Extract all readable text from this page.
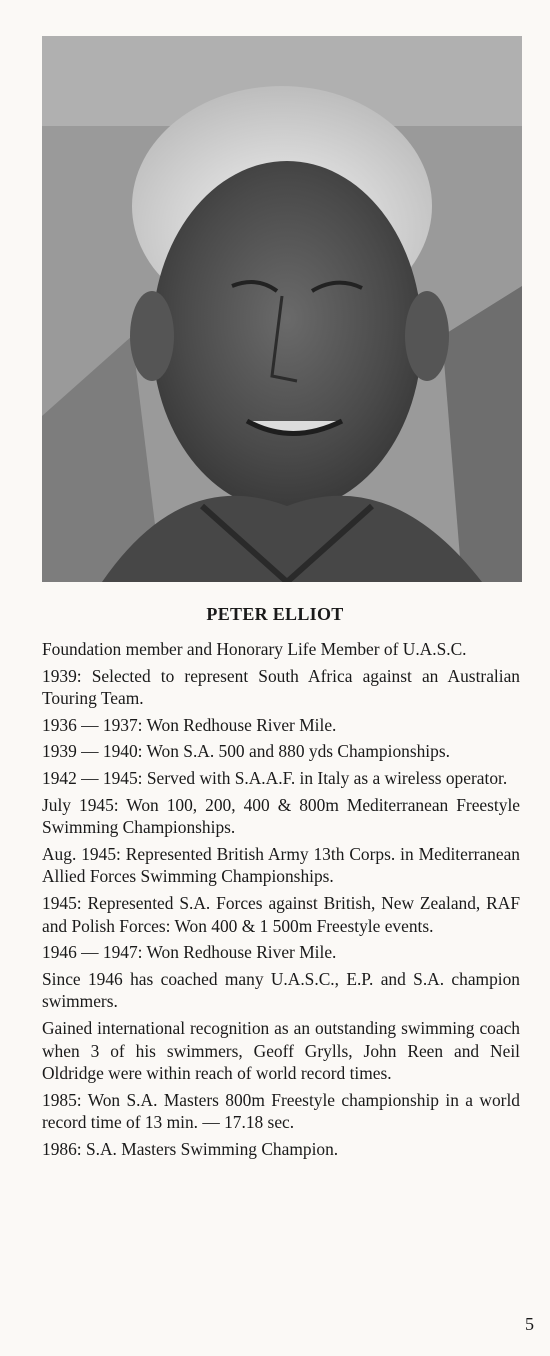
PETER ELLIOT

Foundation member and Honorary Life Member of U.A.S.C.

1939: Selected to represent South Africa against an Australian Touring Team.

1936 — 1937: Won Redhouse River Mile.

1939 — 1940: Won S.A. 500 and 880 yds Championships.

1942 — 1945: Served with S.A.A.F. in Italy as a wireless operator.

July 1945: Won 100, 200, 400 & 800m Mediterranean Freestyle Swimming Championships.

Aug. 1945: Represented British Army 13th Corps. in Mediterranean Allied Forces Swimming Championships.

1945: Represented S.A. Forces against British, New Zealand, RAF and Polish Forces: Won 400 & 1 500m Freestyle events.

1946 — 1947: Won Redhouse River Mile.

Since 1946 has coached many U.A.S.C., E.P. and S.A. champion swimmers.

Gained international recognition as an outstanding swimming coach when 3 of his swimmers, Geoff Grylls, John Reen and Neil Oldridge were within reach of world record times.

1985: Won S.A. Masters 800m Freestyle championship in a world record time of 13 min. — 17.18 sec.

1986: S.A. Masters Swimming Champion.

5
